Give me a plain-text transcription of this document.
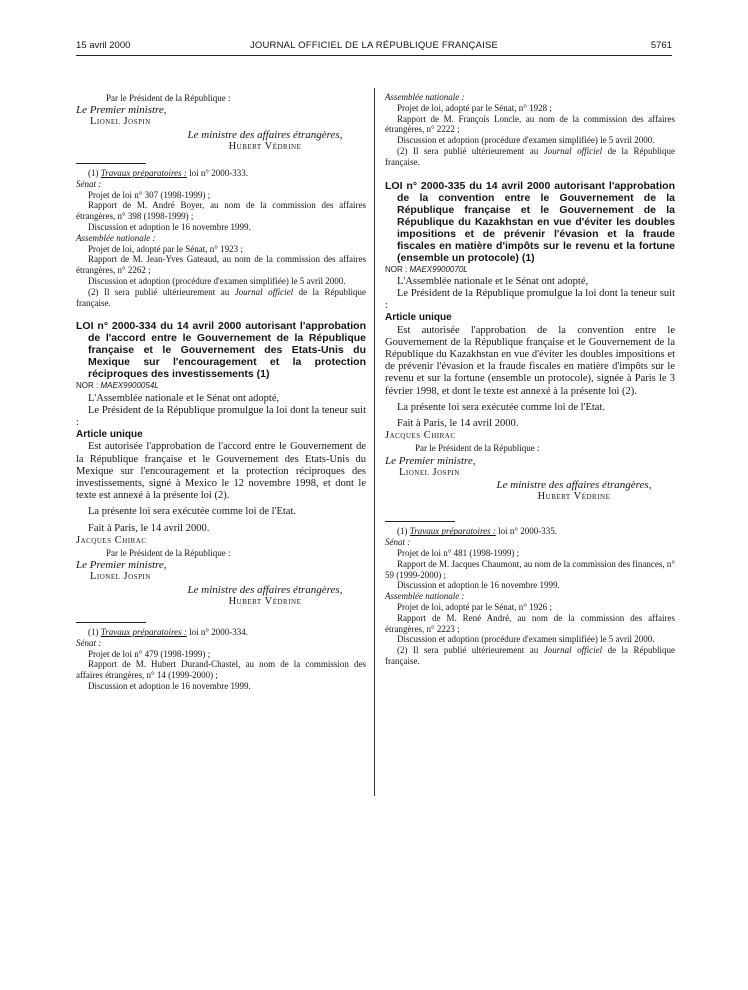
15 avril 2000	JOURNAL OFFICIEL DE LA RÉPUBLIQUE FRANÇAISE	5761

Par le Président de la République :

Le Premier ministre,

Lionel Jospin

Le ministre des affaires étrangères,

Hubert Védrine

(1) Travaux préparatoires : loi n° 2000-333.

Sénat :

Projet de loi n° 307 (1998-1999) ;

Rapport de M. André Boyer, au nom de la commission des affaires étrangères, n° 398 (1998-1999) ;

Discussion et adoption le 16 novembre 1999.

Assemblée nationale :

Projet de loi, adopté par le Sénat, n° 1923 ;

Rapport de M. Jean-Yves Gateaud, au nom de la commission des affaires étrangères, n° 2262 ;

Discussion et adoption (procédure d'examen simplifiée) le 5 avril 2000.

(2) Il sera publié ultérieurement au Journal officiel de la République française.

LOI n° 2000-334 du 14 avril 2000 autorisant l'approbation de l'accord entre le Gouvernement de la République française et le Gouvernement des Etats-Unis du Mexique sur l'encouragement et la protection réciproques des investissements (1)

NOR : MAEX9900054L

L'Assemblée nationale et le Sénat ont adopté,

Le Président de la République promulgue la loi dont la teneur suit :

Article unique

Est autorisée l'approbation de l'accord entre le Gouvernement de la République française et le Gouvernement des Etats-Unis du Mexique sur l'encouragement et la protection réciproques des investissements, signé à Mexico le 12 novembre 1998, et dont le texte est annexé à la présente loi (2).

La présente loi sera exécutée comme loi de l'Etat.

Fait à Paris, le 14 avril 2000.

Jacques Chirac

Par le Président de la République :

Le Premier ministre,

Lionel Jospin

Le ministre des affaires étrangères,

Hubert Védrine

(1) Travaux préparatoires : loi n° 2000-334.

Sénat :

Projet de loi n° 479 (1998-1999) ;

Rapport de M. Hubert Durand-Chastel, au nom de la commission des affaires étrangères, n° 14 (1999-2000) ;

Discussion et adoption le 16 novembre 1999.

Assemblée nationale :

Projet de loi, adopté par le Sénat, n° 1928 ;

Rapport de M. François Loncle, au nom de la commission des affaires étrangères, n° 2222 ;

Discussion et adoption (procédure d'examen simplifiée) le 5 avril 2000.

(2) Il sera publié ultérieurement au Journal officiel de la République française.

LOI n° 2000-335 du 14 avril 2000 autorisant l'approbation de la convention entre le Gouvernement de la République française et le Gouvernement de la République du Kazakhstan en vue d'éviter les doubles impositions et de prévenir l'évasion et la fraude fiscales en matière d'impôts sur le revenu et la fortune (ensemble un protocole) (1)

NOR : MAEX9900070L

L'Assemblée nationale et le Sénat ont adopté,

Le Président de la République promulgue la loi dont la teneur suit :

Article unique

Est autorisée l'approbation de la convention entre le Gouvernement de la République française et le Gouvernement de la République du Kazakhstan en vue d'éviter les doubles impositions et de prévenir l'évasion et la fraude fiscales en matière d'impôts sur le revenu et sur la fortune (ensemble un protocole), signée à Paris le 3 février 1998, et dont le texte est annexé à la présente loi (2).

La présente loi sera exécutée comme loi de l'Etat.

Fait à Paris, le 14 avril 2000.

Jacques Chirac

Par le Président de la République :

Le Premier ministre,

Lionel Jospin

Le ministre des affaires étrangères,

Hubert Védrine

(1) Travaux préparatoires : loi n° 2000-335.

Sénat :

Projet de loi n° 481 (1998-1999) ;

Rapport de M. Jacques Chaumont, au nom de la commission des finances, n° 59 (1999-2000) ;

Discussion et adoption le 16 novembre 1999.

Assemblée nationale :

Projet de loi, adopté par le Sénat, n° 1926 ;

Rapport de M. René André, au nom de la commission des affaires étrangères, n° 2223 ;

Discussion et adoption (procédure d'examen simplifiée) le 5 avril 2000.

(2) Il sera publié ultérieurement au Journal officiel de la République française.
